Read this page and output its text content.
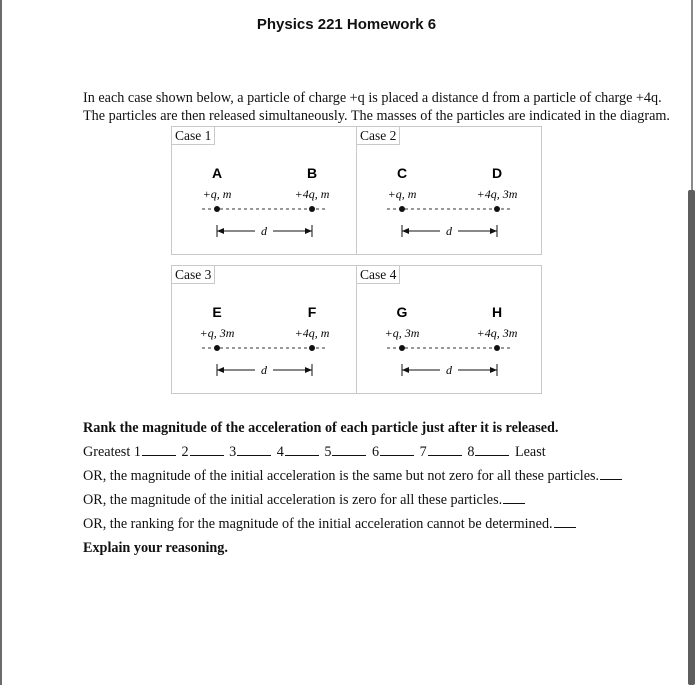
Physics 221 Homework 6

In each case shown below, a particle of charge +q is placed a distance d from a particle of charge +4q.

The particles are then released simultaneously. The masses of the particles are indicated in the diagram.

A
+q, m
B
+4q, m
d
Case 1
C
+q, m
D
+4q, 3m
d
Case 2
E
+q, 3m
F
+4q, m
d
Case 3
G
+q, 3m
H
+4q, 3m
d
Case 4
Rank the magnitude of the acceleration of each particle just after it is released.
Greatest 1	2	3	4	5	6	7	8	Least
OR, the magnitude of the initial acceleration is the same but not zero for all these particles.
OR, the magnitude of the initial acceleration is zero for all these particles.
OR, the ranking for the magnitude of the initial acceleration cannot be determined.
Explain your reasoning.
